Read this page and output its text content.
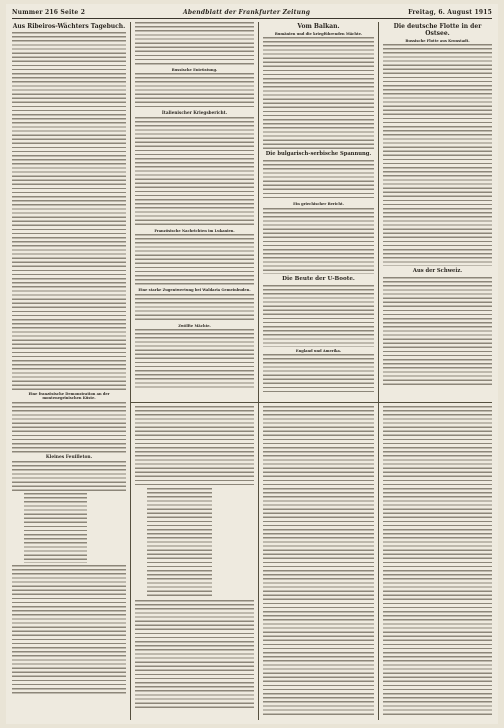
Nummer 216 Seite 2	Abendblatt der Frankfurter Zeitung	Freitag, 6. August 1915
Aus Ribeiros-Wächters Tagebuch.
Eine französische Demonstration an der montenegrinischen Küste.
Kleines Feuilleton.
Russische Entrüstung.
Italienischer Kriegsbericht.
Französische Nachrichten im Lukanien.
Eine starke Zugentwertung bei Waldaria Gemeinbuden.
Zwölfte Mächte.
Vom Balkan.
Rumänien und die kriegführenden Mächte.
Die bulgarisch-serbische Spannung.
Ein griechischer Bericht.
Die Beute der U-Boote.
England und Amerika.
Die deutsche Flotte in der Ostsee.
Russische Flotte aus Kronstadt.
Aus der Schweiz.
